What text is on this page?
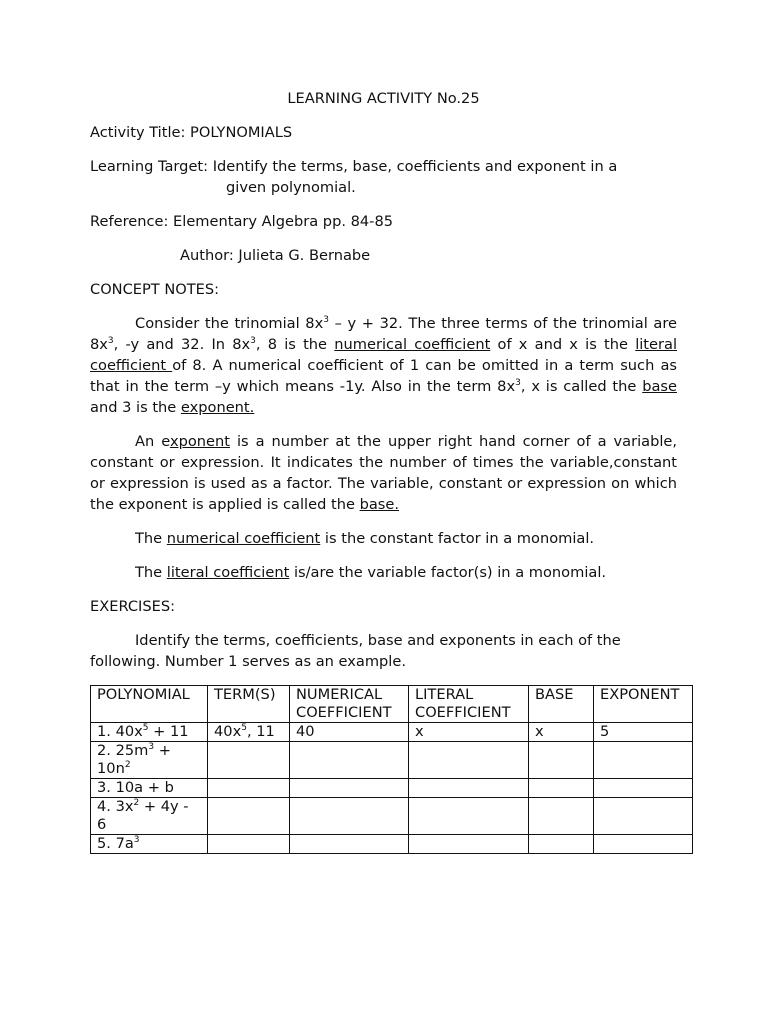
LEARNING ACTIVITY No.25
Activity Title: POLYNOMIALS
Learning Target: Identify the terms, base, coefficients and exponent in a
given polynomial.
Reference: Elementary Algebra pp. 84-85
Author: Julieta G. Bernabe
CONCEPT NOTES:
Consider the trinomial $8x^3 - y + 32$. The three terms of the trinomial are $8x^3$, -y and 32. In $8x^3$, 8 is the numerical coefficient of x and x is the literal coefficient of 8. A numerical coefficient of 1 can be omitted in a term such as that in the term –y which means -1y. Also in the term $8x^3$, x is called the base and 3 is the exponent.
An exponent is a number at the upper right hand corner of a variable, constant or expression. It indicates the number of times the variable,constant or expression is used as a factor. The variable, constant or expression on which the exponent is applied is called the base.
The numerical coefficient is the constant factor in a monomial.
The literal coefficient is/are the variable factor(s) in a monomial.
EXERCISES:
Identify the terms, coefficients, base and exponents in each of the following. Number 1 serves as an example.
POLYNOMIAL	TERM(S)	NUMERICAL COEFFICIENT	LITERAL COEFFICIENT	BASE	EXPONENT
1. $40x^5 + 11$	$40x^5$, 11	40	x	x	5
2. $25m^3 + 10n^2$					
3. 10a + b					
4. $3x^2 + 4y - 6$					
5. $7a^3$					
